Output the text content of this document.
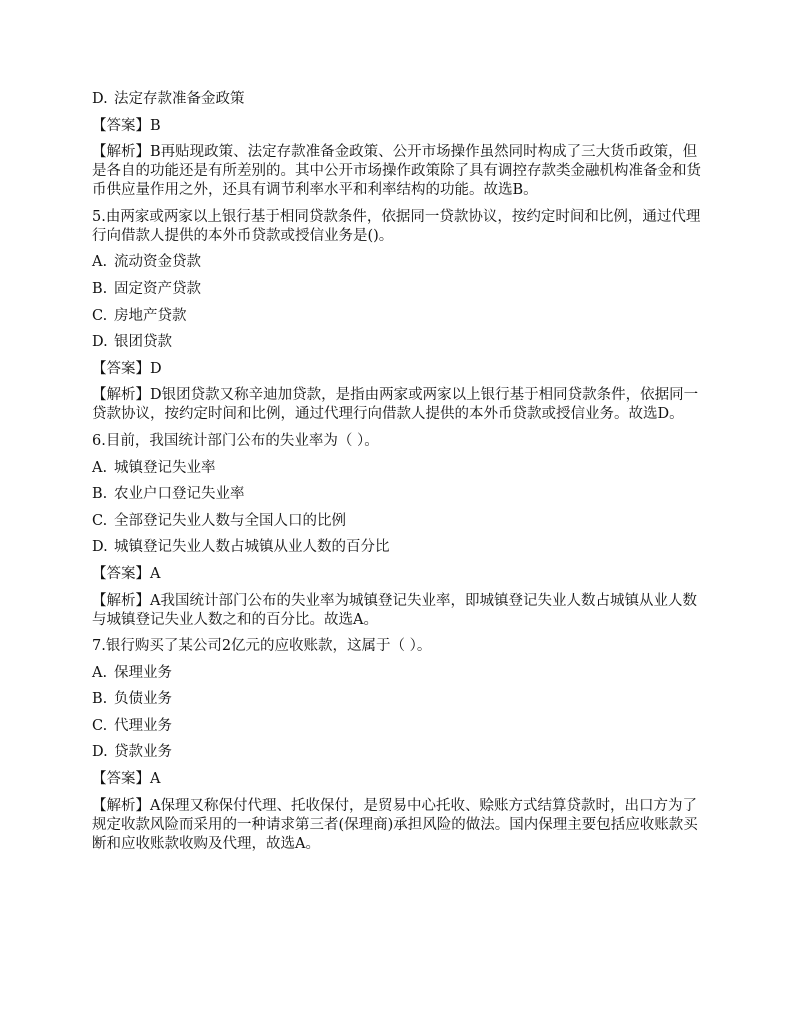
D. 法定存款准备金政策
【答案】B
【解析】B再贴现政策、法定存款准备金政策、公开市场操作虽然同时构成了三大货币政策，但是各自的功能还是有所差别的。其中公开市场操作政策除了具有调控存款类金融机构准备金和货币供应量作用之外，还具有调节利率水平和利率结构的功能。故选B。
5.由两家或两家以上银行基于相同贷款条件，依据同一贷款协议，按约定时间和比例，通过代理行向借款人提供的本外币贷款或授信业务是()。
A. 流动资金贷款
B. 固定资产贷款
C. 房地产贷款
D. 银团贷款
【答案】D
【解析】D银团贷款又称辛迪加贷款，是指由两家或两家以上银行基于相同贷款条件，依据同一贷款协议，按约定时间和比例，通过代理行向借款人提供的本外币贷款或授信业务。故选D。
6.目前，我国统计部门公布的失业率为（ ）。
A. 城镇登记失业率
B. 农业户口登记失业率
C. 全部登记失业人数与全国人口的比例
D. 城镇登记失业人数占城镇从业人数的百分比
【答案】A
【解析】A我国统计部门公布的失业率为城镇登记失业率，即城镇登记失业人数占城镇从业人数与城镇登记失业人数之和的百分比。故选A。
7.银行购买了某公司2亿元的应收账款，这属于（ ）。
A. 保理业务
B. 负债业务
C. 代理业务
D. 贷款业务
【答案】A
【解析】A保理又称保付代理、托收保付，是贸易中心托收、赊账方式结算贷款时，出口方为了规定收款风险而采用的一种请求第三者(保理商)承担风险的做法。国内保理主要包括应收账款买断和应收账款收购及代理，故选A。
